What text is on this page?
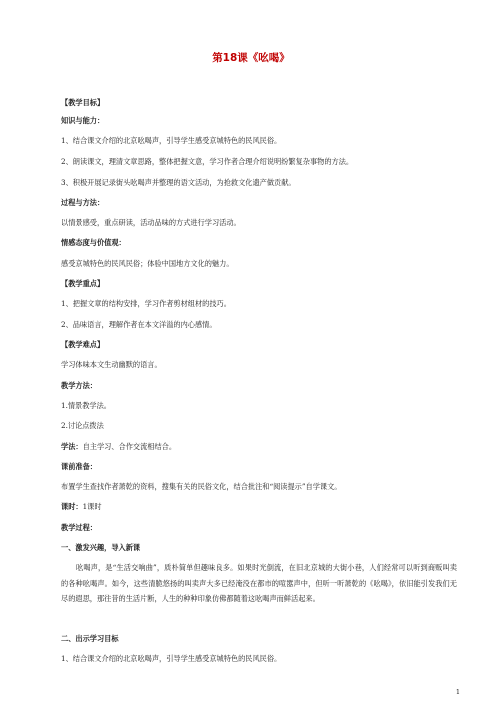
第18课《吆喝》
【教学目标】
知识与能力：
1、结合课文介绍的北京吆喝声，引导学生感受京城特色的民风民俗。
2、朗读课文，理清文章思路，整体把握文意，学习作者合理介绍说明纷繁复杂事物的方法。
3、积极开展记录街头吆喝声并整理的语文活动，为抢救文化遗产做贡献。
过程与方法：
以情景感受，重点研读，活动品味的方式进行学习活动。
情感态度与价值观：
感受京城特色的民风民俗；体验中国地方文化的魅力。
【教学重点】
1、把握文章的结构安排，学习作者剪材组材的技巧。
2、品味语言，理解作者在本文洋溢的内心感情。
【教学难点】
学习体味本文生动幽默的语言。
教学方法：
1.情景教学法。
2.讨论点拨法
学法：自主学习、合作交流相结合。
课前准备：
布置学生查找作者萧乾的资料，搜集有关的民俗文化，结合批注和“阅读提示”自学课文。
课时：1课时
教学过程：
一、激发兴趣，导入新课
吆喝声，是“生活交响曲”，质朴简单但趣味良多。如果时光倒流，在旧北京城的大街小巷，人们经常可以听到商贩叫卖的各种吆喝声。如今，这些清脆悠扬的叫卖声大多已经淹没在都市的喧嚣声中，但听一听萧乾的《吆喝》，依旧能引发我们无尽的遐思，那往昔的生活片断，人生的种种印象仿佛都随着这吆喝声而鲜活起来。
二、出示学习目标
1、结合课文介绍的北京吆喝声，引导学生感受京城特色的民风民俗。
1
